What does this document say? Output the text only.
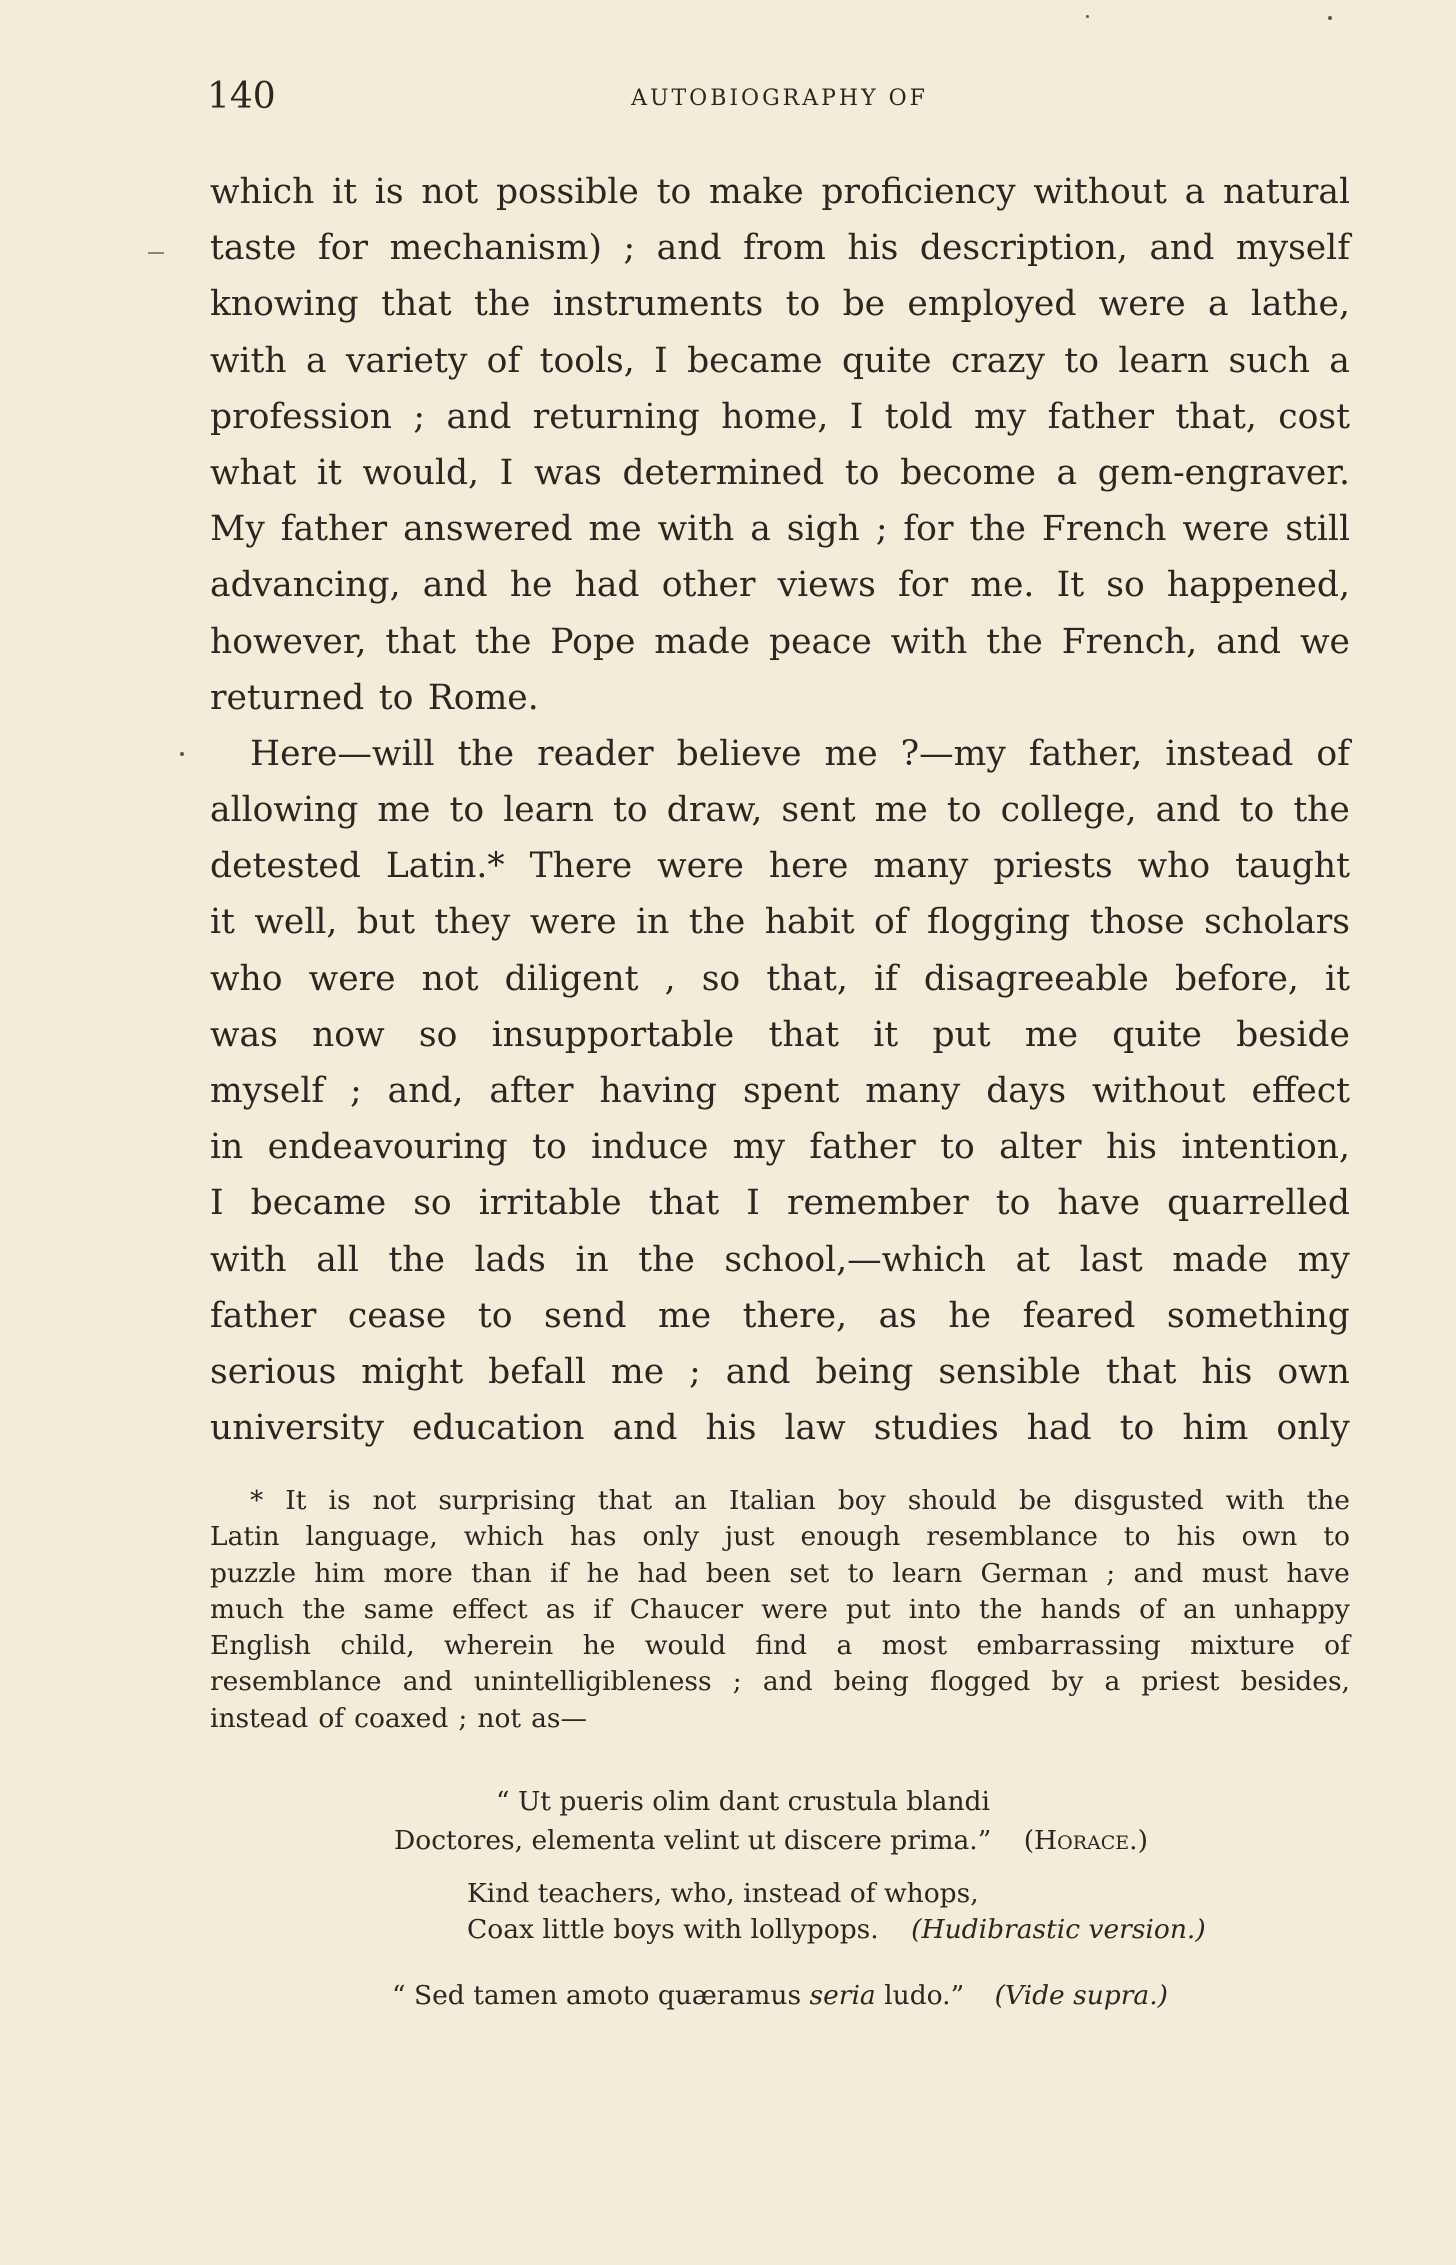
140	AUTOBIOGRAPHY OF
which it is not possible to make proficiency without a natural
taste for mechanism) ; and from his description, and myself
knowing that the instruments to be employed were a lathe,
with a variety of tools, I became quite crazy to learn such a
profession ; and returning home, I told my father that, cost
what it would, I was determined to become a gem-engraver.
My father answered me with a sigh ; for the French were still
advancing, and he had other views for me. It so happened,
however, that the Pope made peace with the French, and we
returned to Rome.
Here—will the reader believe me ?—my father, instead of
allowing me to learn to draw, sent me to college, and to the
detested Latin.* There were here many priests who taught
it well, but they were in the habit of flogging those scholars
who were not diligent , so that, if disagreeable before, it
was now so insupportable that it put me quite beside
myself ; and, after having spent many days without effect
in endeavouring to induce my father to alter his intention,
I became so irritable that I remember to have quarrelled
with all the lads in the school,—which at last made my
father cease to send me there, as he feared something
serious might befall me ; and being sensible that his own
university education and his law studies had to him only
* It is not surprising that an Italian boy should be disgusted with the
Latin language, which has only just enough resemblance to his own to
puzzle him more than if he had been set to learn German ; and must have
much the same effect as if Chaucer were put into the hands of an unhappy
English child, wherein he would find a most embarrassing mixture of
resemblance and unintelligibleness ; and being flogged by a priest besides,
instead of coaxed ; not as—
“ Ut pueris olim dant crustula blandi
Doctores, elementa velint ut discere prima.” (Horace.)
Kind teachers, who, instead of whops,
Coax little boys with lollypops. (Hudibrastic version.)
“ Sed tamen amoto quæramus seria ludo.” (Vide supra.)
